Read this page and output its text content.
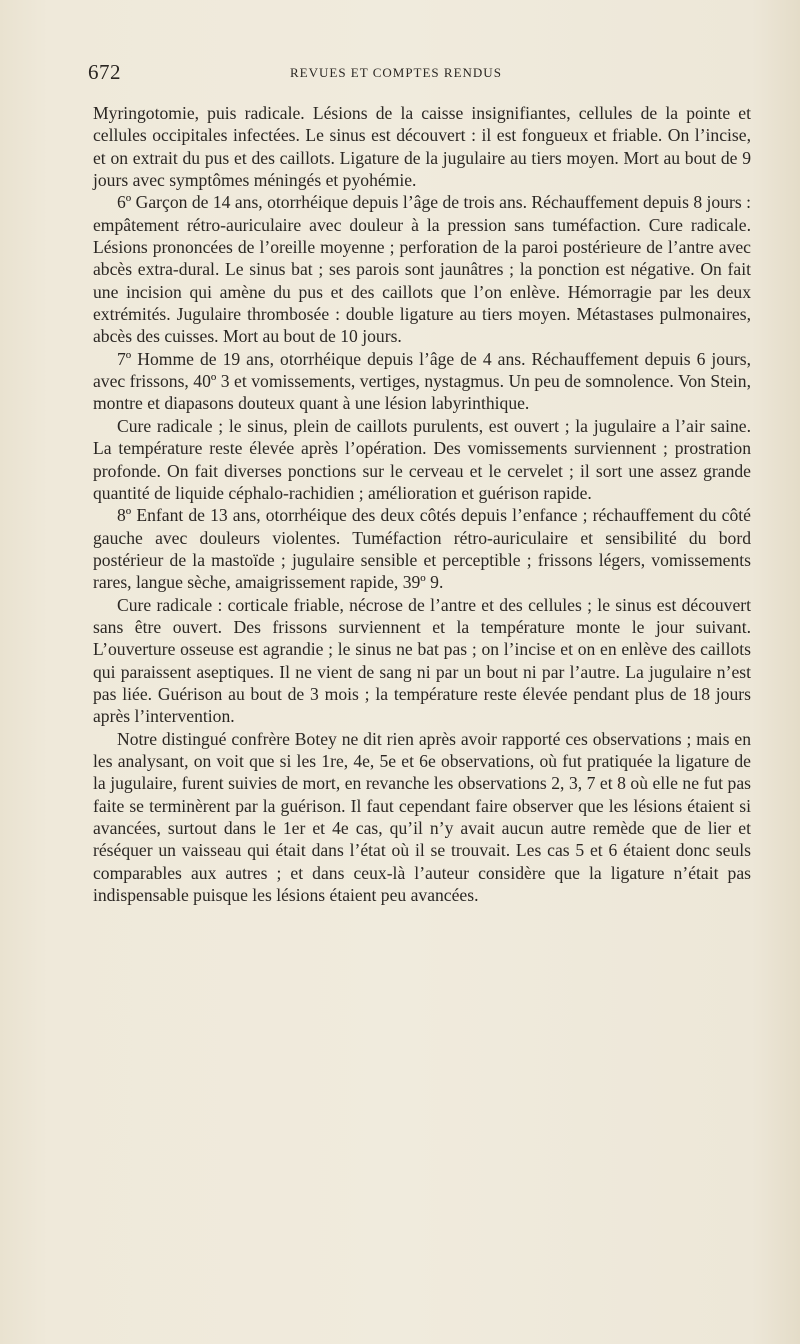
672	REVUES ET COMPTES RENDUS

Myringotomie, puis radicale. Lésions de la caisse insignifiantes, cellules de la pointe et cellules occipitales infectées. Le sinus est découvert : il est fongueux et friable. On l’incise, et on extrait du pus et des caillots. Ligature de la jugulaire au tiers moyen. Mort au bout de 9 jours avec symptômes méningés et pyohémie.

6º Garçon de 14 ans, otorrhéique depuis l’âge de trois ans. Réchauffement depuis 8 jours : empâtement rétro-auriculaire avec douleur à la pression sans tuméfaction. Cure radicale. Lésions prononcées de l’oreille moyenne ; perforation de la paroi postérieure de l’antre avec abcès extra-dural. Le sinus bat ; ses parois sont jaunâtres ; la ponction est négative. On fait une incision qui amène du pus et des caillots que l’on enlève. Hémorragie par les deux extrémités. Jugulaire thrombosée : double ligature au tiers moyen. Métastases pulmonaires, abcès des cuisses. Mort au bout de 10 jours.

7º Homme de 19 ans, otorrhéique depuis l’âge de 4 ans. Réchauffement depuis 6 jours, avec frissons, 40º 3 et vomissements, vertiges, nystagmus. Un peu de somnolence. Von Stein, montre et diapasons douteux quant à une lésion labyrinthique.

Cure radicale ; le sinus, plein de caillots purulents, est ouvert ; la jugulaire a l’air saine. La température reste élevée après l’opération. Des vomissements surviennent ; prostration profonde. On fait diverses ponctions sur le cerveau et le cervelet ; il sort une assez grande quantité de liquide céphalo-rachidien ; amélioration et guérison rapide.

8º Enfant de 13 ans, otorrhéique des deux côtés depuis l’enfance ; réchauffement du côté gauche avec douleurs violentes. Tuméfaction rétro-auriculaire et sensibilité du bord postérieur de la mastoïde ; jugulaire sensible et perceptible ; frissons légers, vomissements rares, langue sèche, amaigrissement rapide, 39º 9.

Cure radicale : corticale friable, nécrose de l’antre et des cellules ; le sinus est découvert sans être ouvert. Des frissons surviennent et la température monte le jour suivant. L’ouverture osseuse est agrandie ; le sinus ne bat pas ; on l’incise et on en enlève des caillots qui paraissent aseptiques. Il ne vient de sang ni par un bout ni par l’autre. La jugulaire n’est pas liée. Guérison au bout de 3 mois ; la température reste élevée pendant plus de 18 jours après l’intervention.

Notre distingué confrère Botey ne dit rien après avoir rapporté ces observations ; mais en les analysant, on voit que si les 1re, 4e, 5e et 6e observations, où fut pratiquée la ligature de la jugulaire, furent suivies de mort, en revanche les observations 2, 3, 7 et 8 où elle ne fut pas faite se terminèrent par la guérison. Il faut cependant faire observer que les lésions étaient si avancées, surtout dans le 1er et 4e cas, qu’il n’y avait aucun autre remède que de lier et réséquer un vaisseau qui était dans l’état où il se trouvait. Les cas 5 et 6 étaient donc seuls comparables aux autres ; et dans ceux-là l’auteur considère que la ligature n’était pas indispensable puisque les lésions étaient peu avancées.
